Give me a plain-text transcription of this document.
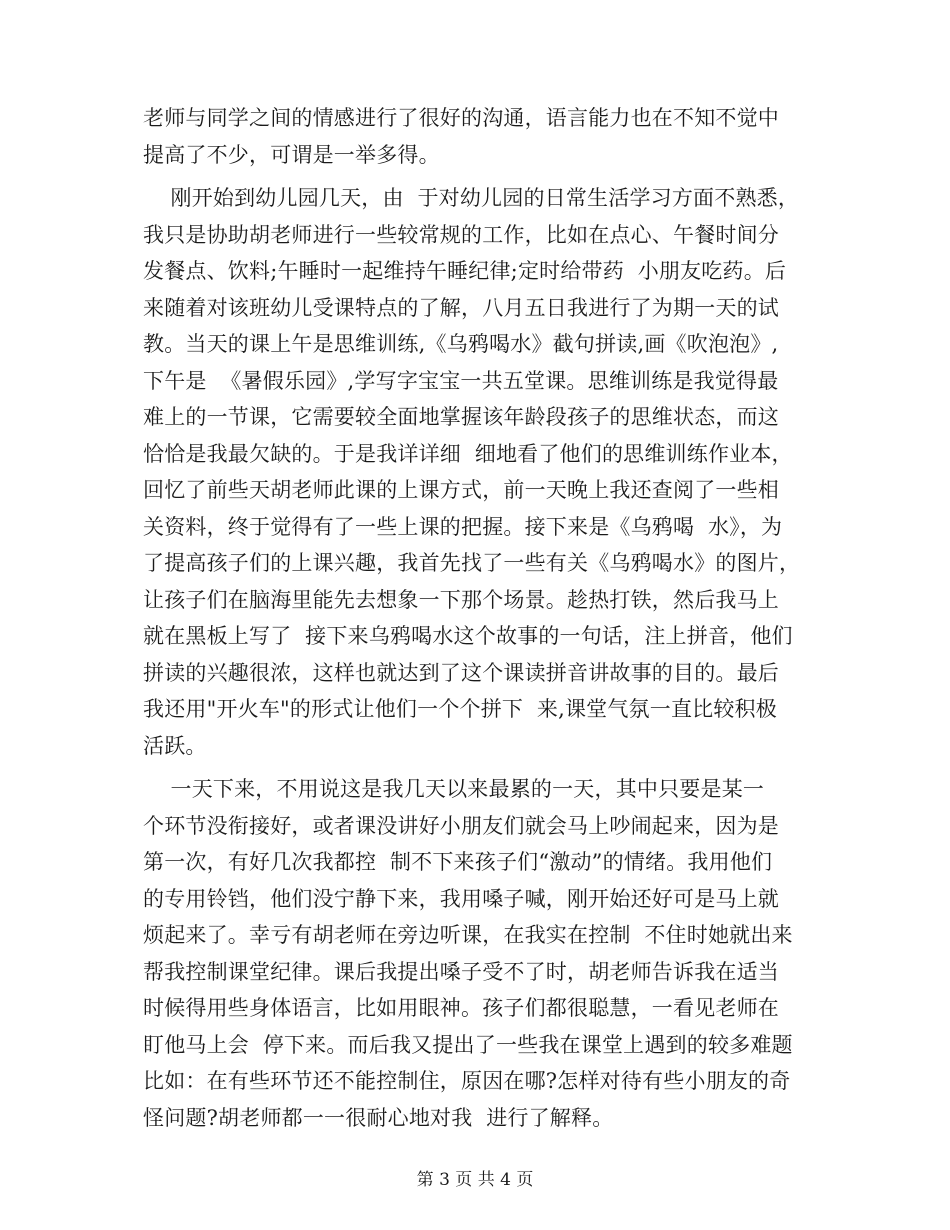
老师与同学之间的情感进行了很好的沟通，语言能力也在不知不觉中
提高了不少，可谓是一举多得。
刚开始到幼儿园几天，由  于对幼儿园的日常生活学习方面不熟悉，
我只是协助胡老师进行一些较常规的工作，比如在点心、午餐时间分
发餐点、饮料;午睡时一起维持午睡纪律;定时给带药  小朋友吃药。后
来随着对该班幼儿受课特点的了解，八月五日我进行了为期一天的试
教。当天的课上午是思维训练,《乌鸦喝水》截句拼读,画《吹泡泡》,
下午是  《暑假乐园》,学写字宝宝一共五堂课。思维训练是我觉得最
难上的一节课，它需要较全面地掌握该年龄段孩子的思维状态，而这
恰恰是我最欠缺的。于是我详详细  细地看了他们的思维训练作业本，
回忆了前些天胡老师此课的上课方式，前一天晚上我还查阅了一些相
关资料，终于觉得有了一些上课的把握。接下来是《乌鸦喝  水》，为
了提高孩子们的上课兴趣，我首先找了一些有关《乌鸦喝水》的图片，
让孩子们在脑海里能先去想象一下那个场景。趁热打铁，然后我马上
就在黑板上写了  接下来乌鸦喝水这个故事的一句话，注上拼音，他们
拼读的兴趣很浓，这样也就达到了这个课读拼音讲故事的目的。最后
我还用"开火车"的形式让他们一个个拼下  来,课堂气氛一直比较积极
活跃。
一天下来，不用说这是我几天以来最累的一天，其中只要是某一
个环节没衔接好，或者课没讲好小朋友们就会马上吵闹起来，因为是
第一次，有好几次我都控  制不下来孩子们“激动”的情绪。我用他们
的专用铃铛，他们没宁静下来，我用嗓子喊，刚开始还好可是马上就
烦起来了。幸亏有胡老师在旁边听课，在我实在控制  不住时她就出来
帮我控制课堂纪律。课后我提出嗓子受不了时，胡老师告诉我在适当
时候得用些身体语言，比如用眼神。孩子们都很聪慧，一看见老师在
盯他马上会  停下来。而后我又提出了一些我在课堂上遇到的较多难题
比如：在有些环节还不能控制住，原因在哪?怎样对待有些小朋友的奇
怪问题?胡老师都一一很耐心地对我  进行了解释。
第 3 页 共 4 页
